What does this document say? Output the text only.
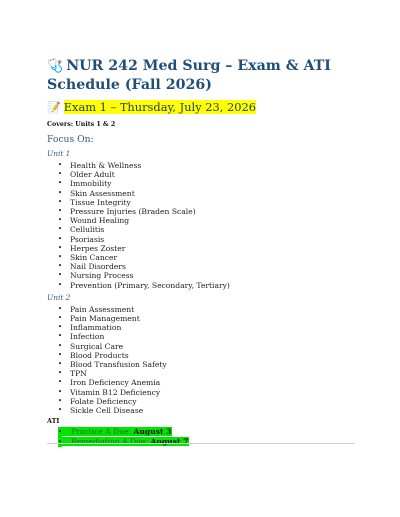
🩺 NUR 242 Med Surg – Exam & ATI Schedule (Fall 2026)
📝 Exam 1 – Thursday, July 23, 2026
Covers: Units 1 & 2
Focus On:
Unit 1
• Health & Wellness
• Older Adult
• Immobility
• Skin Assessment
• Tissue Integrity
• Pressure Injuries (Braden Scale)
• Wound Healing
• Cellulitis
• Psoriasis
• Herpes Zoster
• Skin Cancer
• Nail Disorders
• Nursing Process
• Prevention (Primary, Secondary, Tertiary)
Unit 2
• Pain Assessment
• Pain Management
• Inflammation
• Infection
• Surgical Care
• Blood Products
• Blood Transfusion Safety
• TPN
• Iron Deficiency Anemia
• Vitamin B12 Deficiency
• Folate Deficiency
• Sickle Cell Disease
ATI
• Practice A Due: August 3
• Remediation A Due: August 7
